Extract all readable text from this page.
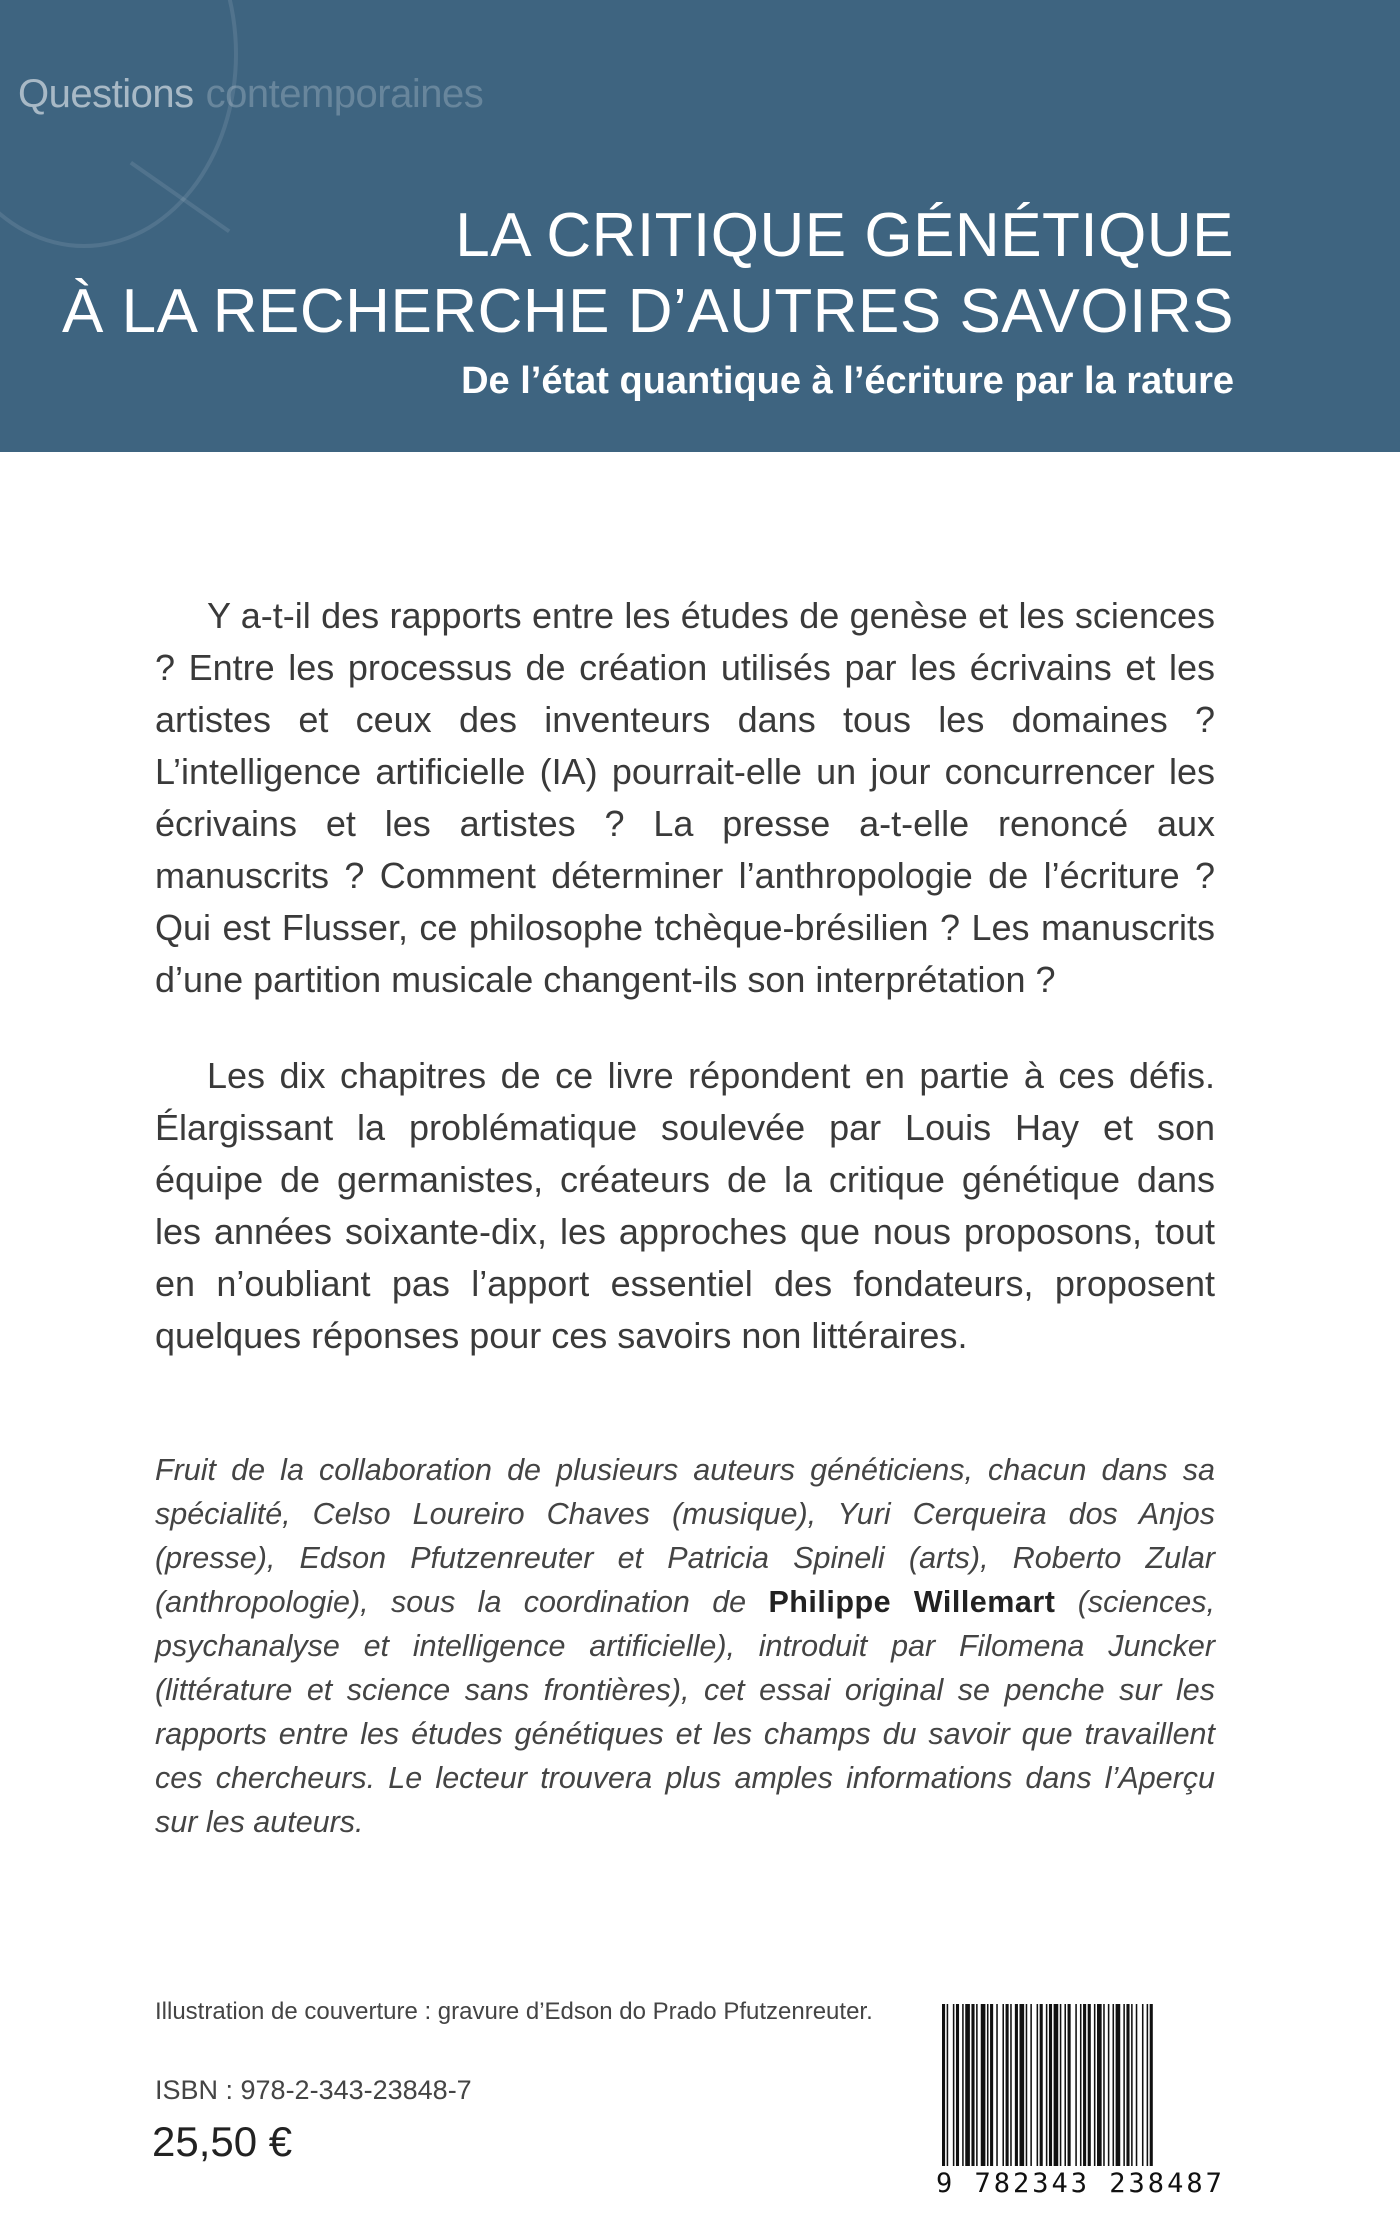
Questions contemporaines
LA CRITIQUE GÉNÉTIQUE
À LA RECHERCHE D’AUTRES SAVOIRS
De l’état quantique à l’écriture par la rature

Y a-t-il des rapports entre les études de genèse et les sciences ? Entre les processus de création utilisés par les écrivains et les artistes et ceux des inventeurs dans tous les domaines ? L’intelligence artificielle (IA) pourrait-elle un jour concurrencer les écrivains et les artistes ? La presse a-t-elle renoncé aux manuscrits ? Comment déterminer l’anthropologie de l’écriture ? Qui est Flusser, ce philosophe tchèque-brésilien ? Les manuscrits d’une partition musicale changent-ils son interprétation ?

Les dix chapitres de ce livre répondent en partie à ces défis. Élargissant la problématique soulevée par Louis Hay et son équipe de germanistes, créateurs de la critique génétique dans les années soixante-dix, les approches que nous proposons, tout en n’oubliant pas l’apport essentiel des fondateurs, proposent quelques réponses pour ces savoirs non littéraires.

Fruit de la collaboration de plusieurs auteurs généticiens, chacun dans sa spécialité, Celso Loureiro Chaves (musique), Yuri Cerqueira dos Anjos (presse), Edson Pfutzenreuter et Patricia Spineli (arts), Roberto Zular (anthropologie), sous la coordination de Philippe Willemart (sciences, psychanalyse et intelligence artificielle), introduit par Filomena Juncker (littérature et science sans frontières), cet essai original se penche sur les rapports entre les études génétiques et les champs du savoir que travaillent ces chercheurs. Le lecteur trouvera plus amples informations dans l’Aperçu sur les auteurs.

Illustration de couverture : gravure d’Edson do Prado Pfutzenreuter.
ISBN : 978-2-343-23848-7
25,50 €
9 782343 238487
